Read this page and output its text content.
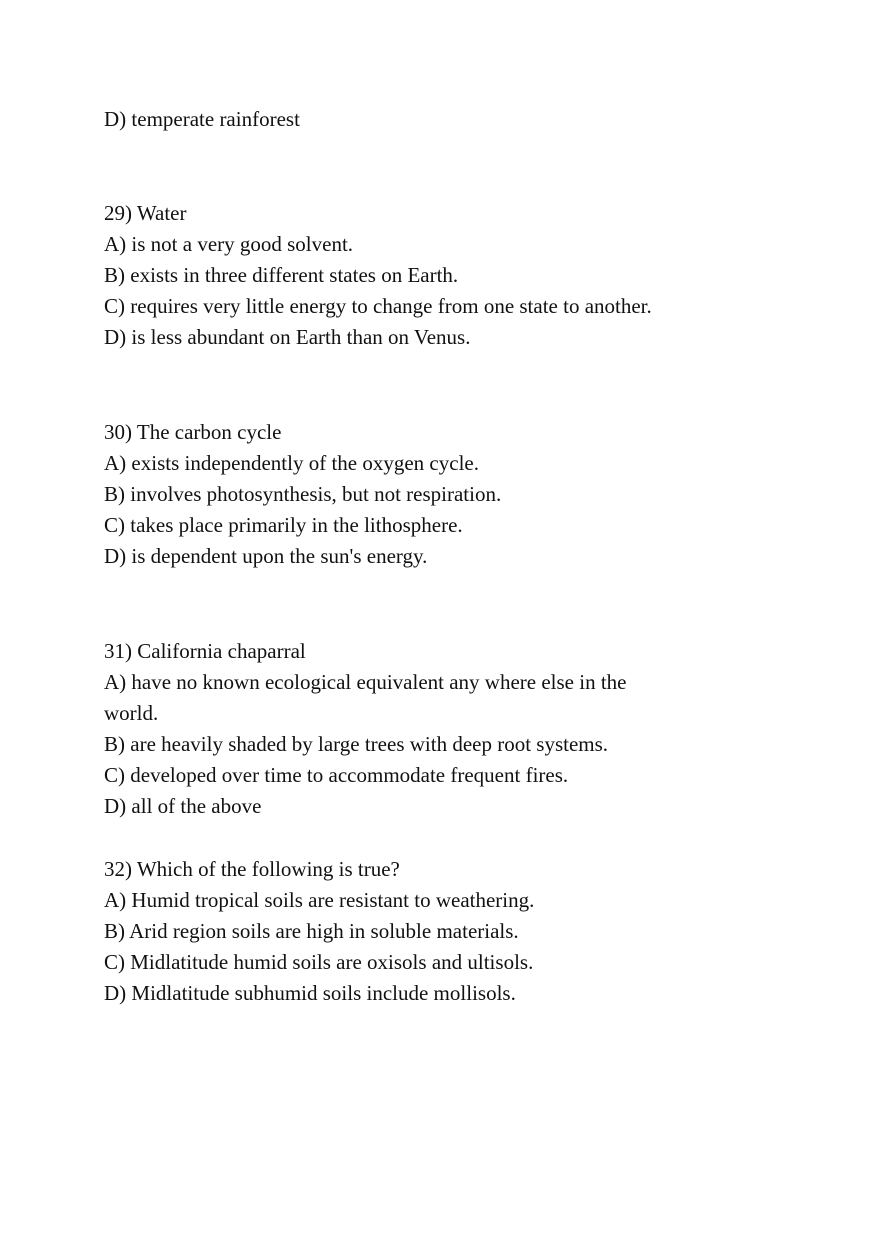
D) temperate rainforest
29) Water
A) is not a very good solvent.
B) exists in three different states on Earth.
C) requires very little energy to change from one state to another.
D) is less abundant on Earth than on Venus.
30) The carbon cycle
A) exists independently of the oxygen cycle.
B) involves photosynthesis, but not respiration.
C) takes place primarily in the lithosphere.
D) is dependent upon the sun's energy.
31) California chaparral
A) have no known ecological equivalent any where else in the
world.
B) are heavily shaded by large trees with deep root systems.
C) developed over time to accommodate frequent fires.
D) all of the above
32) Which of the following is true?
A) Humid tropical soils are resistant to weathering.
B) Arid region soils are high in soluble materials.
C) Midlatitude humid soils are oxisols and ultisols.
D) Midlatitude subhumid soils include mollisols.
